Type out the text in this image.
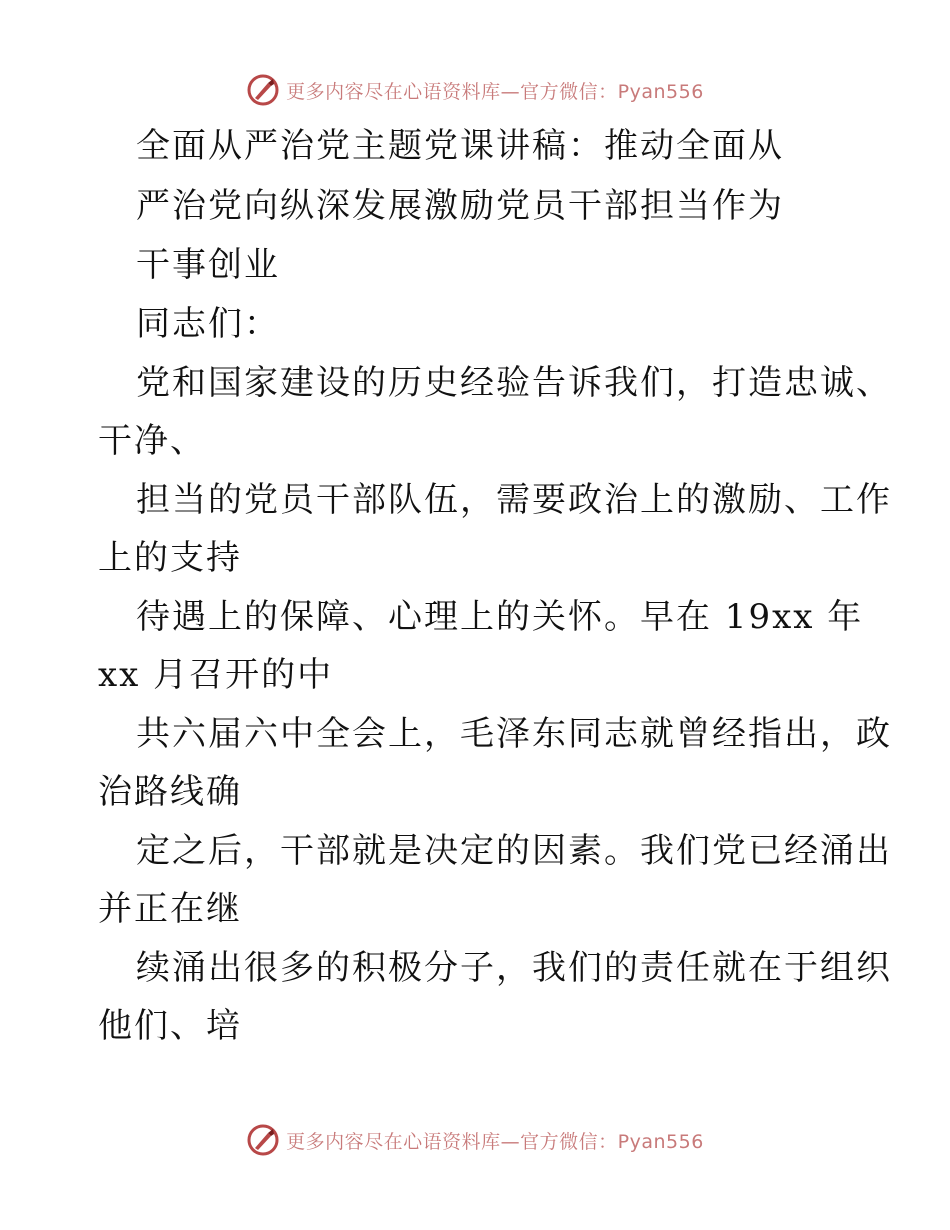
更多内容尽在心语资料库—官方微信：Pyan556
全面从严治党主题党课讲稿：推动全面从
严治党向纵深发展激励党员干部担当作为
干事创业
同志们：
党和国家建设的历史经验告诉我们，打造忠诚、
干净、
担当的党员干部队伍，需要政治上的激励、工作
上的支持
待遇上的保障、心理上的关怀。早在 19xx 年
xx 月召开的中
共六届六中全会上，毛泽东同志就曾经指出，政
治路线确
定之后，干部就是决定的因素。我们党已经涌出
并正在继
续涌出很多的积极分子，我们的责任就在于组织
他们、培
更多内容尽在心语资料库—官方微信：Pyan556
